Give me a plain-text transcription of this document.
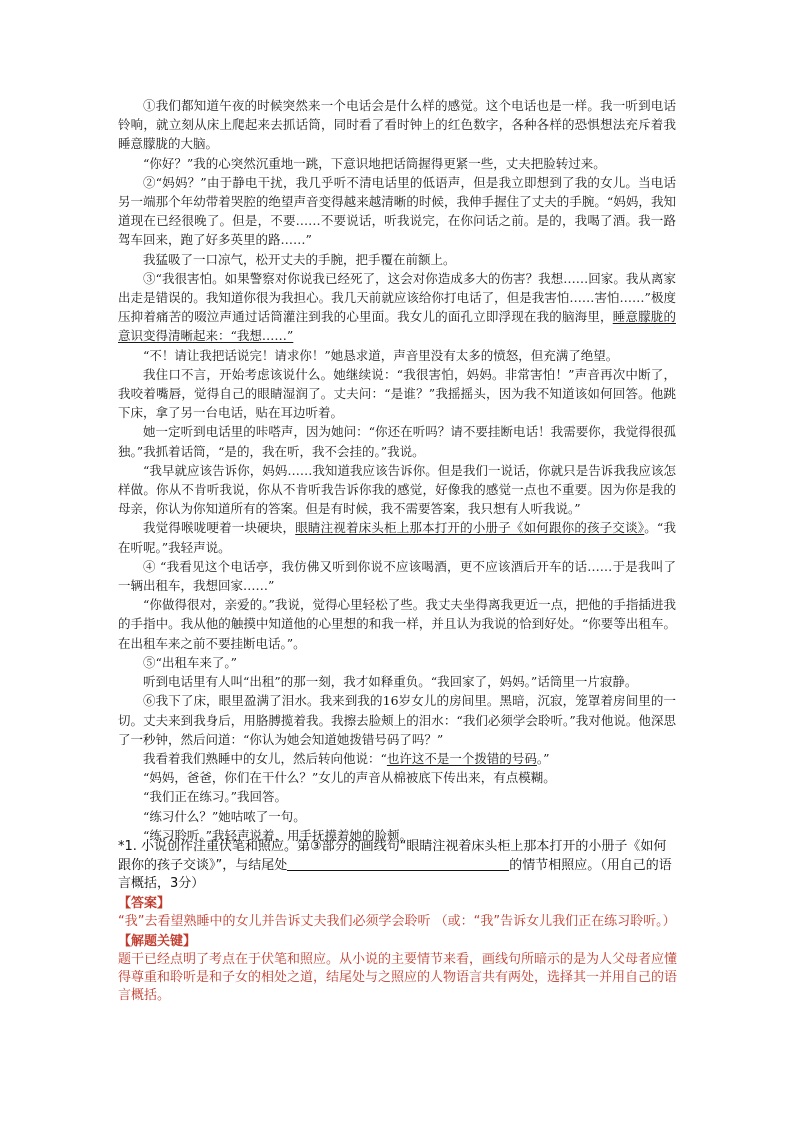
①我们都知道午夜的时候突然来一个电话会是什么样的感觉。这个电话也是一样。我一听到电话铃响，就立刻从床上爬起来去抓话筒，同时看了看时钟上的红色数字，各种各样的恐惧想法充斥着我睡意朦胧的大脑。

“你好？”我的心突然沉重地一跳，下意识地把话筒握得更紧一些，丈夫把脸转过来。

②“妈妈？”由于静电干扰，我几乎听不清电话里的低语声，但是我立即想到了我的女儿。当电话另一端那个年幼带着哭腔的绝望声音变得越来越清晰的时候，我伸手握住了丈夫的手腕。“妈妈，我知道现在已经很晚了。但是，不要……不要说话，听我说完，在你问话之前。是的，我喝了酒。我一路驾车回来，跑了好多英里的路……”

我猛吸了一口凉气，松开丈夫的手腕，把手覆在前额上。

③“我很害怕。如果警察对你说我已经死了，这会对你造成多大的伤害？我想……回家。我从离家出走是错误的。我知道你很为我担心。我几天前就应该给你打电话了，但是我害怕……害怕……”极度压抑着痛苦的啜泣声通过话筒灌注到我的心里面。我女儿的面孔立即浮现在我的脑海里，睡意朦胧的意识变得清晰起来：“我想……”

“不！请让我把话说完！请求你！”她恳求道，声音里没有太多的愤怒，但充满了绝望。

我住口不言，开始考虑该说什么。她继续说：“我很害怕，妈妈。非常害怕！”声音再次中断了，我咬着嘴唇，觉得自己的眼睛湿润了。丈夫问：“是谁？”我摇摇头，因为我不知道该如何回答。他跳下床，拿了另一台电话，贴在耳边听着。

她一定听到电话里的咔嗒声，因为她问：“你还在听吗？请不要挂断电话！我需要你，我觉得很孤独。”我抓着话筒，“是的，我在听，我不会挂的。”我说。

“我早就应该告诉你，妈妈……我知道我应该告诉你。但是我们一说话，你就只是告诉我我应该怎样做。你从不肯听我说，你从不肯听我告诉你我的感觉，好像我的感觉一点也不重要。因为你是我的母亲，你认为你知道所有的答案。但是有时候，我不需要答案，我只想有人听我说。”

我觉得喉咙哽着一块硬块，眼睛注视着床头柜上那本打开的小册子《如何跟你的孩子交谈》。“我在听呢。”我轻声说。

④ “我看见这个电话亭，我仿佛又听到你说不应该喝酒，更不应该酒后开车的话……于是我叫了一辆出租车，我想回家……”

“你做得很对，亲爱的。”我说，觉得心里轻松了些。我丈夫坐得离我更近一点，把他的手指插进我的手指中。我从他的触摸中知道他的心里想的和我一样，并且认为我说的恰到好处。“你要等出租车。在出租车来之前不要挂断电话。”。

⑤“出租车来了。”

听到电话里有人叫“出租”的那一刻，我才如释重负。“我回家了，妈妈。”话筒里一片寂静。

⑥我下了床，眼里盈满了泪水。我来到我的16岁女儿的房间里。黑暗，沉寂，笼罩着房间里的一切。丈夫来到我身后，用胳膊揽着我。我擦去脸颊上的泪水：“我们必须学会聆听。”我对他说。他深思了一秒钟，然后问道：“你认为她会知道她拨错号码了吗？”

我看着我们熟睡中的女儿，然后转向他说：“也许这不是一个拨错的号码。”

“妈妈，爸爸，你们在干什么？”女儿的声音从棉被底下传出来，有点模糊。

“我们正在练习。”我回答。

“练习什么？”她咕哝了一句。

“练习聆听。”我轻声说着，用手抚摸着她的脸颊。

*1. 小说创作注重伏笔和照应。第③部分的画线句“眼睛注视着床头柜上那本打开的小册子《如何跟你的孩子交谈》”，与结尾处	的情节相照应。（用自己的语言概括，3分）

【答案】

“我”去看望熟睡中的女儿并告诉丈夫我们必须学会聆听 （或：“我”告诉女儿我们正在练习聆听。）

【解题关键】

题干已经点明了考点在于伏笔和照应。从小说的主要情节来看，画线句所暗示的是为人父母者应懂得尊重和聆听是和子女的相处之道，结尾处与之照应的人物语言共有两处，选择其一并用自己的语言概括。
